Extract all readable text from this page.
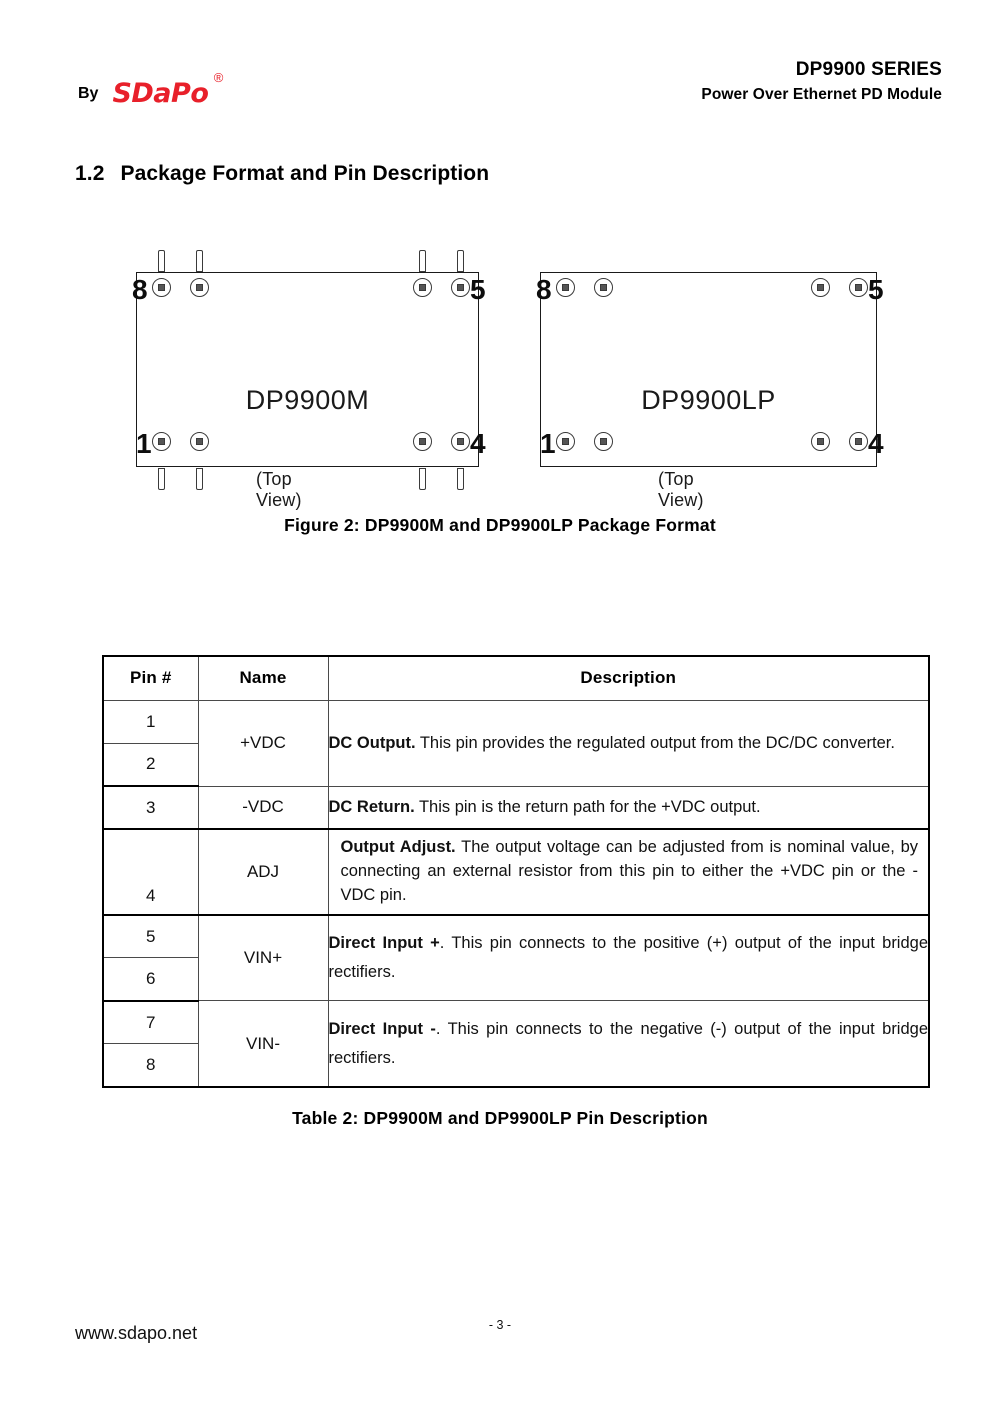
By SDaPo
®	DP9900 SERIES
Power Over Ethernet PD Module
1.2 Package Format and Pin Description
DP9900M
8	5
1	4
(Top View)
DP9900LP
8	5
1	4
(Top View)
Figure 2: DP9900M and DP9900LP Package Format
Pin #	Name	Description
1	+VDC	DC Output. This pin provides the regulated output from the DC/DC converter.
2		
3	-VDC	DC Return. This pin is the return path for the +VDC output.
4	ADJ	Output Adjust. The output voltage can be adjusted from is nominal value, by connecting an external resistor from this pin to either the +VDC pin or the -VDC pin.
5	VIN+	Direct Input +. This pin connects to the positive (+) output of the input bridge rectifiers.
6		
7	VIN-	Direct Input -. This pin connects to the negative (-) output of the input bridge rectifiers.
8		
Table 2: DP9900M and DP9900LP Pin Description
www.sdapo.net	- 3 -
